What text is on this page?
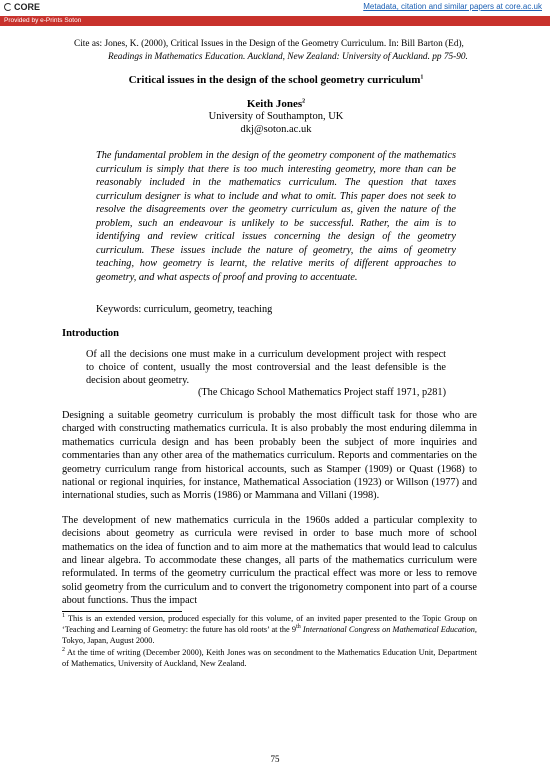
CORE	Metadata, citation and similar papers at core.ac.uk
Provided by e-Prints Soton

Cite as: Jones, K. (2000), Critical Issues in the Design of the Geometry Curriculum. In: Bill Barton (Ed),
Readings in Mathematics Education. Auckland, New Zealand: University of Auckland. pp 75-90.

Critical issues in the design of the school geometry curriculum$^1$
Keith Jones$^2$

University of Southampton, UK

dkj@soton.ac.uk

The fundamental problem in the design of the geometry component of the mathematics curriculum is simply that there is too much interesting geometry, more than can be reasonably included in the mathematics curriculum. The question that taxes curriculum designer is what to include and what to omit. This paper does not seek to resolve the disagreements over the geometry curriculum as, given the nature of the problem, such an endeavour is unlikely to be successful. Rather, the aim is to identifying and review critical issues concerning the design of the geometry curriculum. These issues include the nature of geometry, the aims of geometry teaching, how geometry is learnt, the relative merits of different approaches to geometry, and what aspects of proof and proving to accentuate.

Keywords: curriculum, geometry, teaching

Introduction

Of all the decisions one must make in a curriculum development project with respect to choice of content, usually the most controversial and the least defensible is the decision about geometry.

(The Chicago School Mathematics Project staff 1971, p281)

Designing a suitable geometry curriculum is probably the most difficult task for those who are charged with constructing mathematics curricula. It is also probably the most enduring dilemma in mathematics curricula design and has been probably been the subject of more inquiries and commentaries than any other area of the mathematics curriculum. Reports and commentaries on the geometry curriculum range from historical accounts, such as Stamper (1909) or Quast (1968) to national or regional inquiries, for instance, Mathematical Association (1923) or Willson (1977) and international studies, such as Morris (1986) or Mammana and Villani (1998).

The development of new mathematics curricula in the 1960s added a particular complexity to decisions about geometry as curricula were revised in order to base much more of school mathematics on the idea of function and to aim more at the mathematics that would lead to calculus and linear algebra. To accommodate these changes, all parts of the mathematics curriculum were reformulated. In terms of the geometry curriculum the practical effect was more or less to remove solid geometry from the curriculum and to convert the trigonometry component into part of a course about functions. Thus the impact

$^1$ This is an extended version, produced especially for this volume, of an invited paper presented to the Topic Group on ‘Teaching and Learning of Geometry: the future has old roots’ at the 9th International Congress on Mathematical Education, Tokyo, Japan, August 2000.

$^2$ At the time of writing (December 2000), Keith Jones was on secondment to the Mathematics Education Unit, Department of Mathematics, University of Auckland, New Zealand.

75
